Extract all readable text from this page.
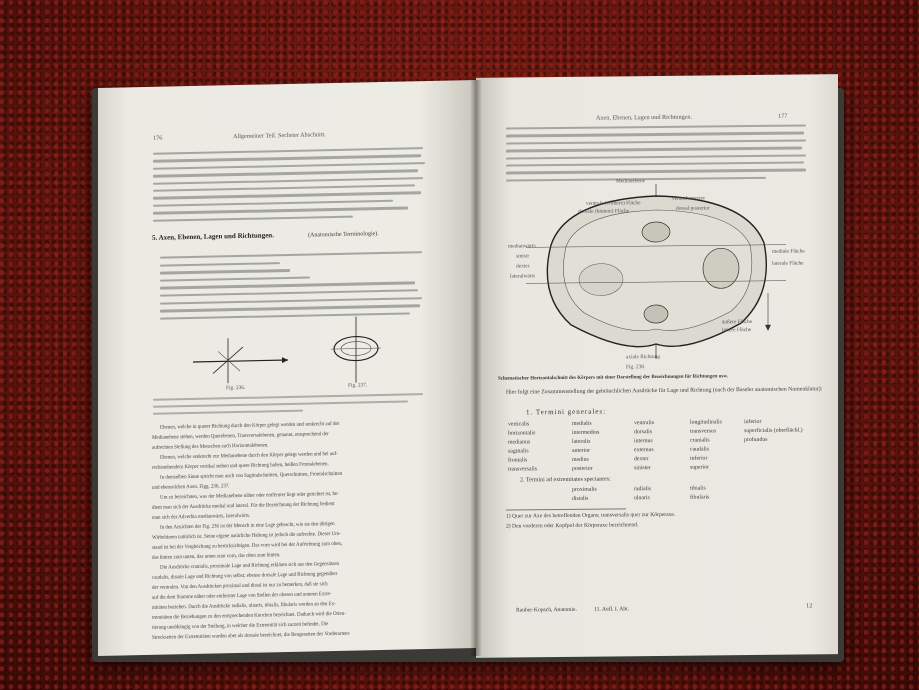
176	Allgemeiner Teil. Sechster Abschnitt.
5. Axen, Ebenen, Lagen und Richtungen.	(Anatomische Terminologie).
Fig. 236.	Fig. 237.
Ebenen, welche in querer Richtung durch den Körper gelegt werden und senkrecht auf der
Medianebene stehen, werden Querebenen, Transversalebenen, genannt, entsprechend der
aufrechten Stellung des Menschen auch Horizontalebenen.
Ebenen, welche senkrecht zur Medianebene durch den Körper gelegt werden und bei auf-
rechtstehendem Körper vertikal stehen und quere Richtung haben, heißen Frontalebenen.
In demselben Sinne spricht man auch von Sagittalschnitten, Querschnitten, Frontalschnitten
und ebensolchen Axen. Figg. 236, 237.
Um zu bezeichnen, was der Medianebene näher oder entfernter liegt oder gerichtet ist, be-
dient man sich der Ausdrücke medial und lateral. Für die Bezeichnung der Richtung bedient
man sich der Adverbia medianwärts, lateralwärts.
In den Ansichten der Fig. 236 ist der Mensch in eine Lage gebracht, wie sie den übrigen
Wirbeltieren natürlich ist. Seine eigene natürliche Haltung ist jedoch die aufrechte. Dieser Um-
stand ist bei der Vergleichung zu berücksichtigen. Das vorn wird bei der Aufrichtung zum oben,
das hinten zum unten, das unten zum vorn, das oben zum hinten.
Die Ausdrücke cranialis, proximale Lage und Richtung erklären sich aus den Gegensätzen
caudalis, distale Lage und Richtung von selbst; ebenso dorsale Lage und Richtung gegenüber
der ventralen. Von den Ausdrücken proximal und distal ist nur zu bemerken, daß sie sich
auf die dem Stamme näher oder entfernter Lage von Stellen der oberen und unteren Extre-
mitäten beziehen. Durch die Ausdrücke radialis, ulnaris, tibialis, fibularis werden an den Ex-
tremitäten die Beziehungen zu den entsprechenden Knochen bezeichnet. Dadurch wird die Orien-
tierung unabhängig von der Stellung, in welcher die Extremität sich zurzeit befindet. Die
Streckseiten der Extremitäten wurden aber als dorsale bezeichnet, die Beugeseiten des Vorderarmes
Axen, Ebenen, Lagen und Richtungen.	177
Medianebene
ventrale (vordere) Fläche
dorsale (hintere) Fläche
ventral anterior
dorsal posterior
medianwärts
sinistr
dexter
lateralwärts
mediale Fläche
laterale Fläche
äußere Fläche
innere Fläche
axiale Richtung
Fig. 238.
Schematischer Horizontalschnitt des Körpers mit einer Darstellung der Bezeichnungen für Richtungen usw.
Hier folgt eine Zusammenstellung der gebräuchlichen Ausdrücke für Lage und Richtung (nach der Baseler anatomischen Nomenklatur):
1. Termini generales:
verticalis	medialis	ventralis	longitudinalis	inferior
horizontalis	intermedius	dorsalis	transversus	superficialis (oberflächl.)
medianus	lateralis	internus	cranialis	profundus
sagittalis	anterior	externus	caudalis
frontalis	medius	dexter	inferior
transversalis	posterior	sinister	superior
2. Termini ad extremitates spectantes:
proximalis	radialis	tibialis
distalis	ulnaris	fibularis
1) Quer zur Axe des betreffenden Organs; transversalis quer zur Körperaxe.
2) Den vorderen oder Kopfpol der Körperaxe bezeichnend.
Rauber-Kopsch, Anatomie.	11. Aufl. I. Abt.
12
